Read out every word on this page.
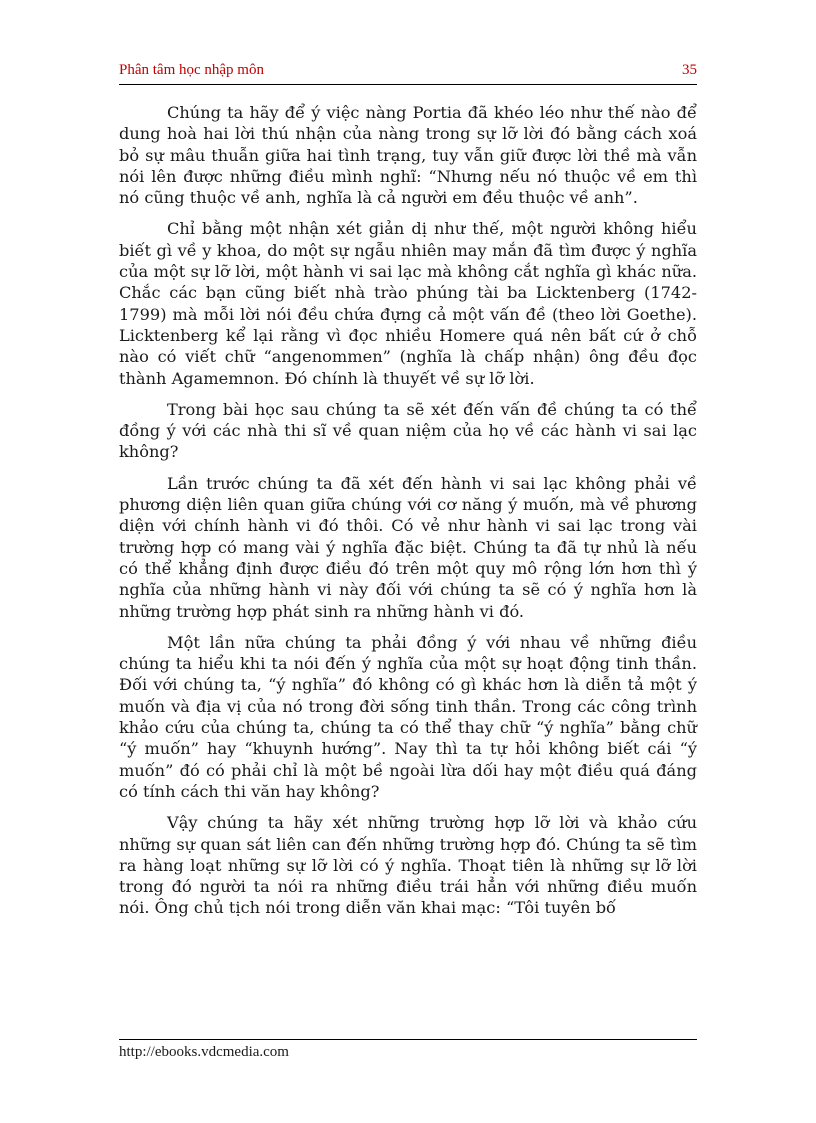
Phân tâm học nhập môn	35

Chúng ta hãy để ý việc nàng Portia đã khéo léo như thế nào để dung hoà hai lời thú nhận của nàng trong sự lỡ lời đó bằng cách xoá bỏ sự mâu thuẫn giữa hai tình trạng, tuy vẫn giữ được lời thề mà vẫn nói lên được những điều mình nghĩ: “Nhưng nếu nó thuộc về em thì nó cũng thuộc về anh, nghĩa là cả người em đều thuộc về anh”.

Chỉ bằng một nhận xét giản dị như thế, một người không hiểu biết gì về y khoa, do một sự ngẫu nhiên may mắn đã tìm được ý nghĩa của một sự lỡ lời, một hành vi sai lạc mà không cắt nghĩa gì khác nữa. Chắc các bạn cũng biết nhà trào phúng tài ba Licktenberg (1742-1799) mà mỗi lời nói đều chứa đựng cả một vấn đề (theo lời Goethe). Licktenberg kể lại rằng vì đọc nhiều Homere quá nên bất cứ ở chỗ nào có viết chữ “angenommen” (nghĩa là chấp nhận) ông đều đọc thành Agamemnon. Đó chính là thuyết về sự lỡ lời.

Trong bài học sau chúng ta sẽ xét đến vấn đề chúng ta có thể đồng ý với các nhà thi sĩ về quan niệm của họ về các hành vi sai lạc không?

Lần trước chúng ta đã xét đến hành vi sai lạc không phải về phương diện liên quan giữa chúng với cơ năng ý muốn, mà về phương diện với chính hành vi đó thôi. Có vẻ như hành vi sai lạc trong vài trường hợp có mang vài ý nghĩa đặc biệt. Chúng ta đã tự nhủ là nếu có thể khẳng định được điều đó trên một quy mô rộng lớn hơn thì ý nghĩa của những hành vi này đối với chúng ta sẽ có ý nghĩa hơn là những trường hợp phát sinh ra những hành vi đó.

Một lần nữa chúng ta phải đồng ý với nhau về những điều chúng ta hiểu khi ta nói đến ý nghĩa của một sự hoạt động tinh thần. Đối với chúng ta, “ý nghĩa” đó không có gì khác hơn là diễn tả một ý muốn và địa vị của nó trong đời sống tinh thần. Trong các công trình khảo cứu của chúng ta, chúng ta có thể thay chữ “ý nghĩa” bằng chữ “ý muốn” hay “khuynh hướng”. Nay thì ta tự hỏi không biết cái “ý muốn” đó có phải chỉ là một bề ngoài lừa dối hay một điều quá đáng có tính cách thi văn hay không?

Vậy chúng ta hãy xét những trường hợp lỡ lời và khảo cứu những sự quan sát liên can đến những trường hợp đó. Chúng ta sẽ tìm ra hàng loạt những sự lỡ lời có ý nghĩa. Thoạt tiên là những sự lỡ lời trong đó người ta nói ra những điều trái hẳn với những điều muốn nói. Ông chủ tịch nói trong diễn văn khai mạc: “Tôi tuyên bố

http://ebooks.vdcmedia.com
